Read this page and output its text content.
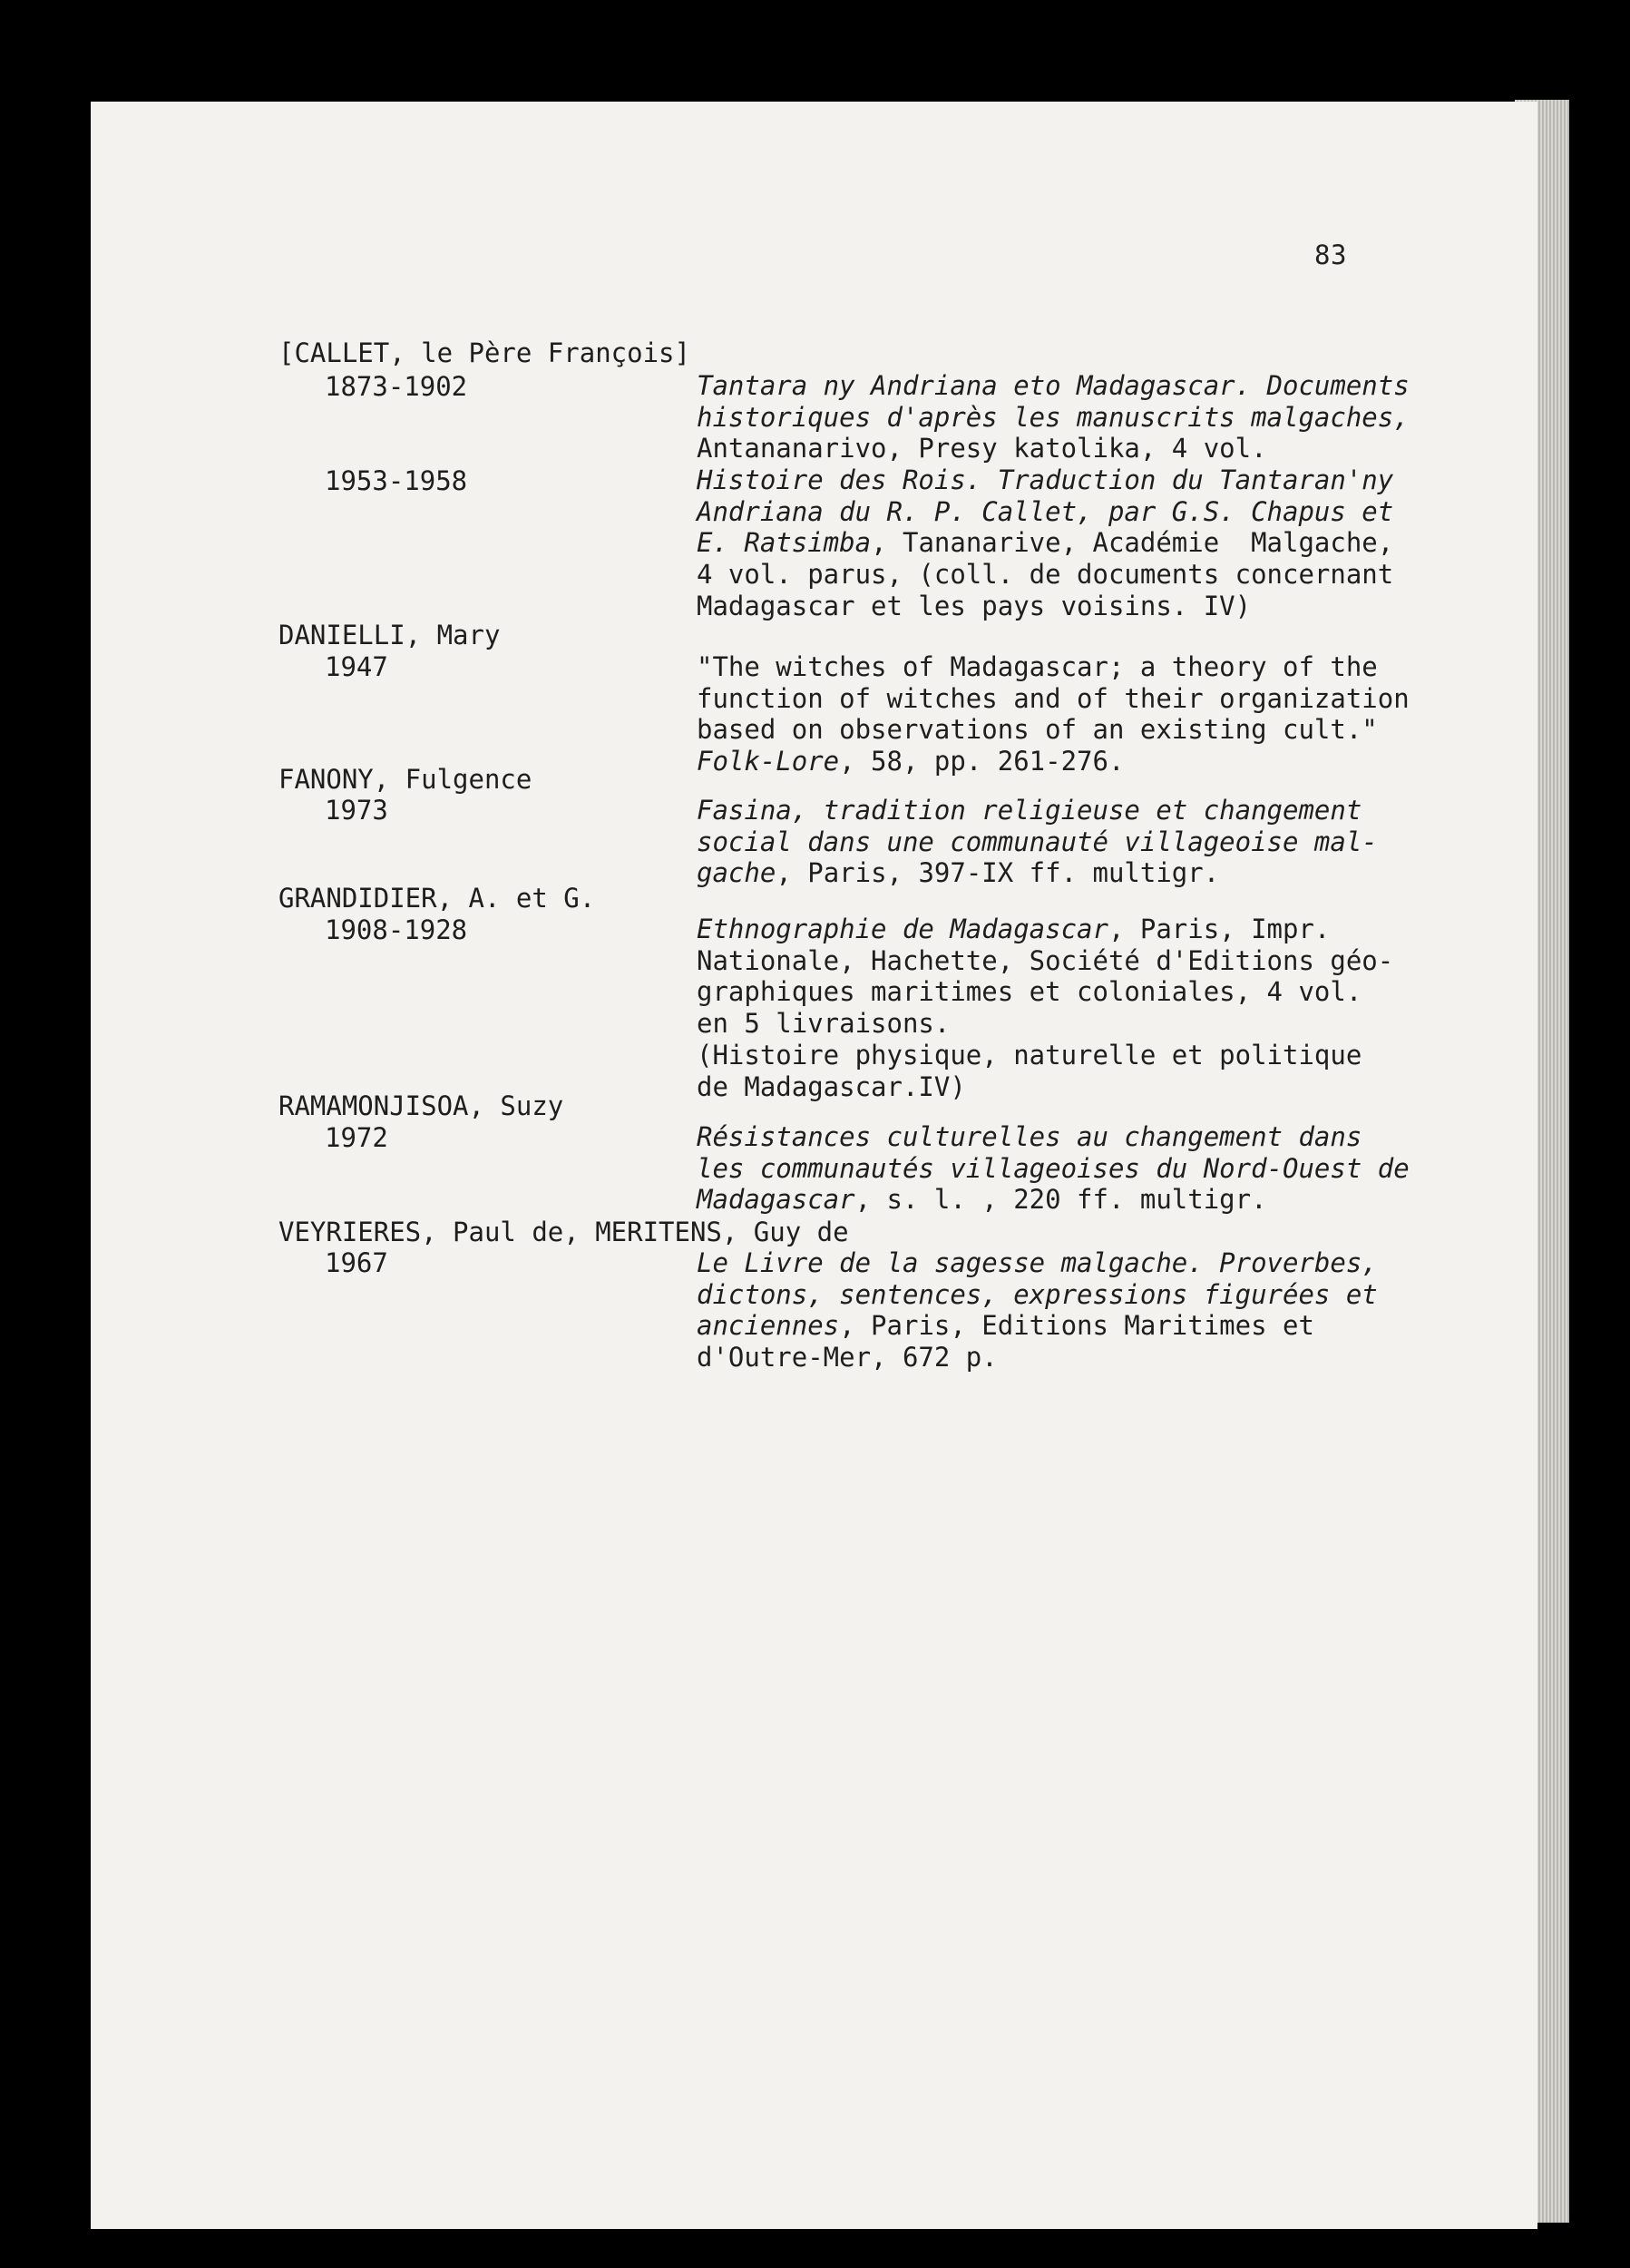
83
[CALLET, le Père François]
1873-1902	Tantara ny Andriana eto Madagascar. Documents
historiques d'après les manuscrits malgaches,
Antananarivo, Presy katolika, 4 vol.
1953-1958	Histoire des Rois. Traduction du Tantaran'ny
Andriana du R. P. Callet, par G.S. Chapus et
E. Ratsimba, Tananarive, Académie  Malgache,
4 vol. parus, (coll. de documents concernant
Madagascar et les pays voisins. IV)
DANIELLI, Mary
1947	"The witches of Madagascar; a theory of the
function of witches and of their organization
based on observations of an existing cult."
Folk-Lore, 58, pp. 261-276.
FANONY, Fulgence
1973	Fasina, tradition religieuse et changement
social dans une communauté villageoise mal-
gache, Paris, 397-IX ff. multigr.
GRANDIDIER, A. et G.
1908-1928	Ethnographie de Madagascar, Paris, Impr.
Nationale, Hachette, Société d'Editions géo-
graphiques maritimes et coloniales, 4 vol.
en 5 livraisons.
(Histoire physique, naturelle et politique
de Madagascar.IV)
RAMAMONJISOA, Suzy
1972	Résistances culturelles au changement dans
les communautés villageoises du Nord-Ouest de
Madagascar, s. l. , 220 ff. multigr.
VEYRIERES, Paul de, MERITENS, Guy de
1967	Le Livre de la sagesse malgache. Proverbes,
dictons, sentences, expressions figurées et
anciennes, Paris, Editions Maritimes et
d'Outre-Mer, 672 p.
